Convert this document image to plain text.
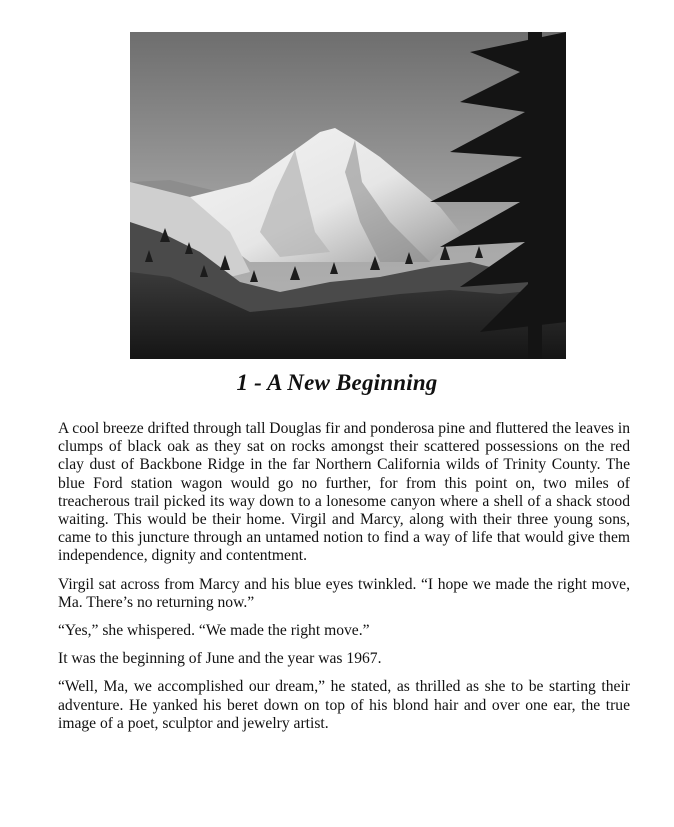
1 - A New Beginning

A cool breeze drifted through tall Douglas fir and ponderosa pine and fluttered the leaves in clumps of black oak as they sat on rocks amongst their scattered possessions on the red clay dust of Backbone Ridge in the far Northern California wilds of Trinity County. The blue Ford station wagon would go no further, for from this point on, two miles of treacherous trail picked its way down to a lonesome canyon where a shell of a shack stood waiting. This would be their home. Virgil and Marcy, along with their three young sons, came to this juncture through an untamed notion to find a way of life that would give them independence, dignity and contentment.

Virgil sat across from Marcy and his blue eyes twinkled. “I hope we made the right move, Ma. There’s no returning now.”

“Yes,” she whispered. “We made the right move.”

It was the beginning of June and the year was 1967.

“Well, Ma, we accomplished our dream,” he stated, as thrilled as she to be starting their adventure. He yanked his beret down on top of his blond hair and over one ear, the true image of a poet, sculptor and jewelry artist.
